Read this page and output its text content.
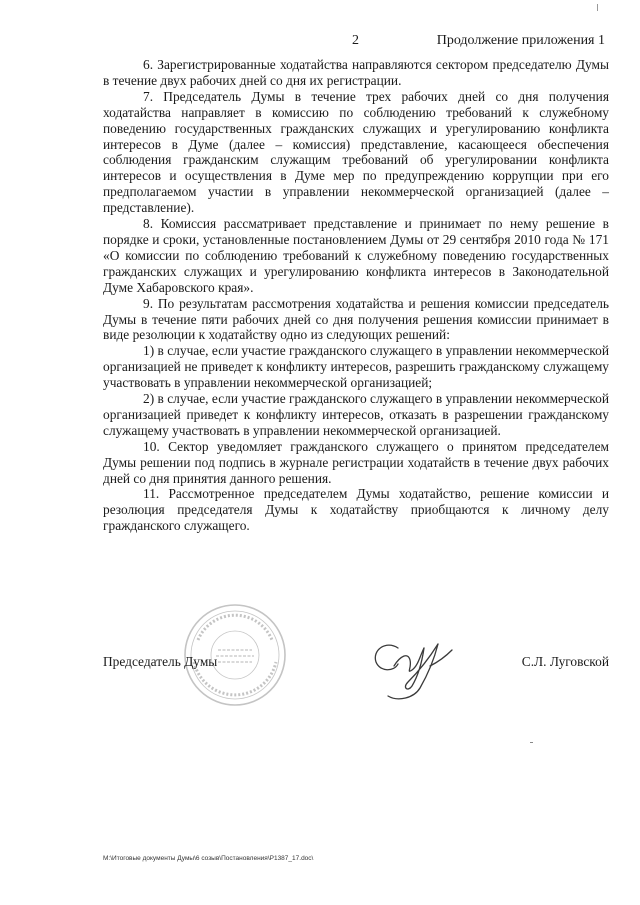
2	Продолжение приложения 1

6. Зарегистрированные ходатайства направляются сектором председателю Думы в течение двух рабочих дней со дня их регистрации.

7. Председатель Думы в течение трех рабочих дней со дня получения ходатайства направляет в комиссию по соблюдению требований к служебному поведению государственных гражданских служащих и урегулированию конфликта интересов в Думе (далее – комиссия) представление, касающееся обеспечения соблюдения гражданским служащим требований об урегулировании конфликта интересов и осуществления в Думе мер по предупреждению коррупции при его предполагаемом участии в управлении некоммерческой организацией (далее – представление).

8. Комиссия рассматривает представление и принимает по нему решение в порядке и сроки, установленные постановлением Думы от 29 сентября 2010 года № 171 «О комиссии по соблюдению требований к служебному поведению государственных гражданских служащих и урегулированию конфликта интересов в Законодательной Думе Хабаровского края».

9. По результатам рассмотрения ходатайства и решения комиссии председатель Думы в течение пяти рабочих дней со дня получения решения комиссии принимает в виде резолюции к ходатайству одно из следующих решений:

1) в случае, если участие гражданского служащего в управлении некоммерческой организацией не приведет к конфликту интересов, разрешить гражданскому служащему участвовать в управлении некоммерческой организацией;

2) в случае, если участие гражданского служащего в управлении некоммерческой организацией приведет к конфликту интересов, отказать в разрешении гражданскому служащему участвовать в управлении некоммерческой организацией.

10. Сектор уведомляет гражданского служащего о принятом председателем Думы решении под подпись в журнале регистрации ходатайств в течение двух рабочих дней со дня принятия данного решения.

11. Рассмотренное председателем Думы ходатайство, решение комиссии и резолюция председателя Думы к ходатайству приобщаются к личному делу гражданского служащего.

Председатель Думы	С.Л. Луговской
M:\Итоговые документы Думы\6 созыв\Постановления\Р1387_17.doc\
